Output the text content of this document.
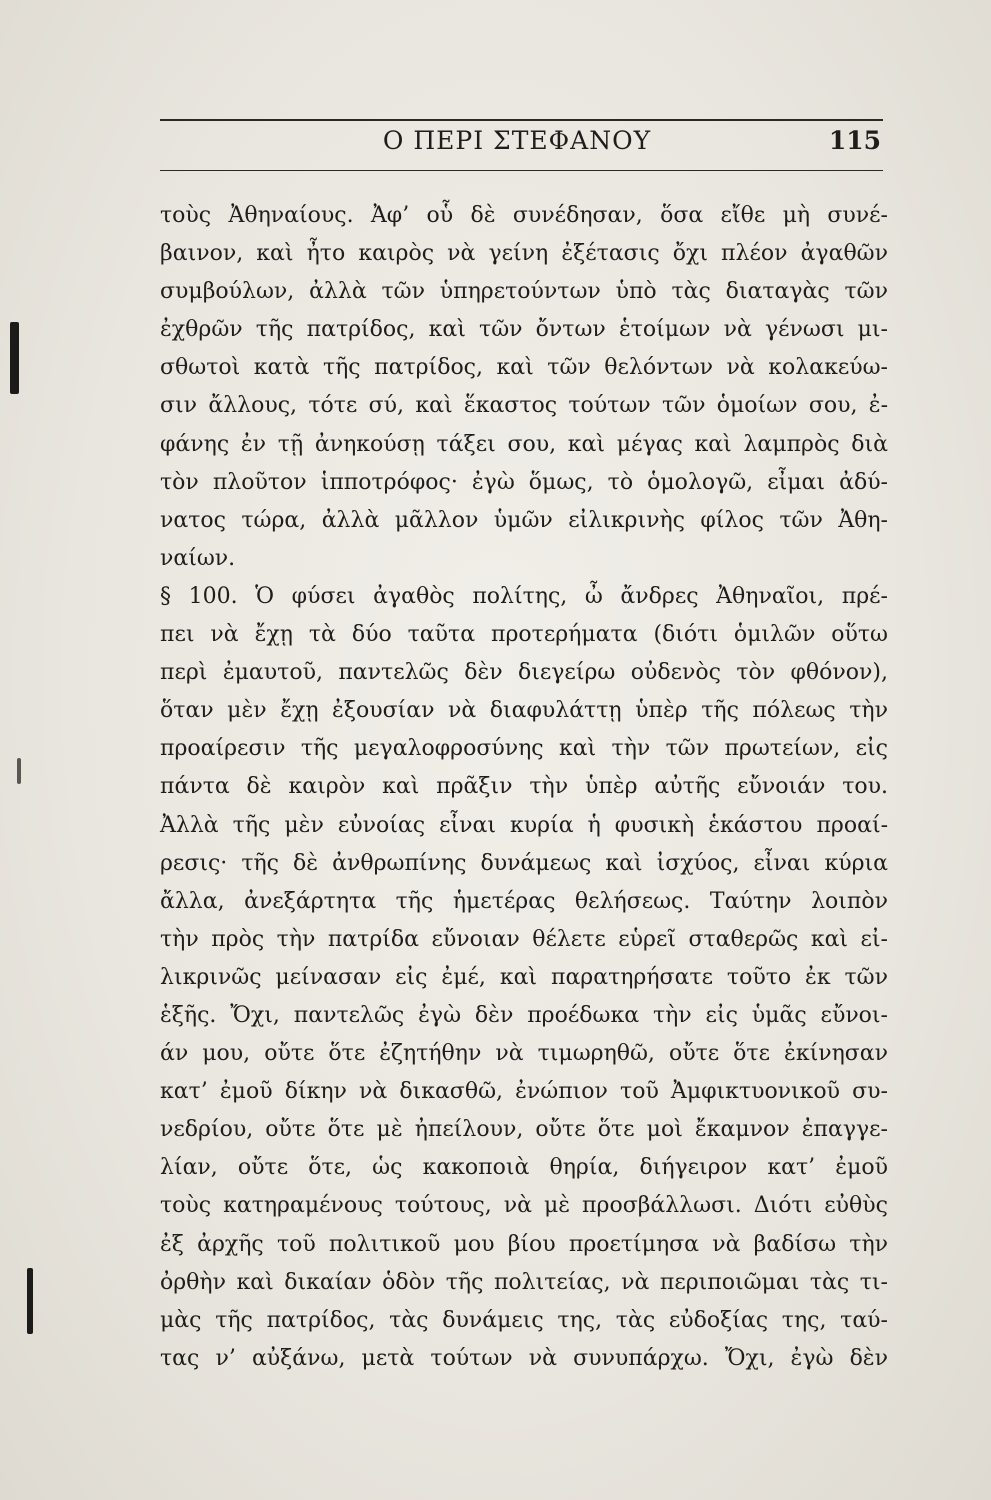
Ο ΠΕΡΙ ΣΤΕΦΑΝΟΥ	115
τοὺς Ἀθηναίους. Ἀφ’ οὗ δὲ συνέδησαν, ὅσα εἴθε μὴ συνέ-
βαινον, καὶ ἦτο καιρὸς νὰ γείνη ἐξέτασις ὄχι πλέον ἀγαθῶν
συμβούλων, ἀλλὰ τῶν ὑπηρετούντων ὑπὸ τὰς διαταγὰς τῶν
ἐχθρῶν τῆς πατρίδος, καὶ τῶν ὄντων ἑτοίμων νὰ γένωσι μι-
σθωτοὶ κατὰ τῆς πατρίδος, καὶ τῶν θελόντων νὰ κολακεύω-
σιν ἄλλους, τότε σύ, καὶ ἕκαστος τούτων τῶν ὁμοίων σου, ἐ-
φάνης ἐν τῇ ἀνηκούσῃ τάξει σου, καὶ μέγας καὶ λαμπρὸς διὰ
τὸν πλοῦτον ἱπποτρόφος· ἐγὼ ὅμως, τὸ ὁμολογῶ, εἶμαι ἀδύ-
νατος τώρα, ἀλλὰ μᾶλλον ὑμῶν εἰλικρινὴς φίλος τῶν Ἀθη-
ναίων.
§ 100. Ὁ φύσει ἀγαθὸς πολίτης, ὦ ἄνδρες Ἀθηναῖοι, πρέ-
πει νὰ ἔχῃ τὰ δύο ταῦτα προτερήματα (διότι ὁμιλῶν οὕτω
περὶ ἐμαυτοῦ, παντελῶς δὲν διεγείρω οὐδενὸς τὸν φθόνον),
ὅταν μὲν ἔχῃ ἐξουσίαν νὰ διαφυλάττῃ ὑπὲρ τῆς πόλεως τὴν
προαίρεσιν τῆς μεγαλοφροσύνης καὶ τὴν τῶν πρωτείων, εἰς
πάντα δὲ καιρὸν καὶ πρᾶξιν τὴν ὑπὲρ αὐτῆς εὔνοιάν του.
Ἀλλὰ τῆς μὲν εὐνοίας εἶναι κυρία ἡ φυσικὴ ἑκάστου προαί-
ρεσις· τῆς δὲ ἀνθρωπίνης δυνάμεως καὶ ἰσχύος, εἶναι κύρια
ἄλλα, ἀνεξάρτητα τῆς ἡμετέρας θελήσεως. Ταύτην λοιπὸν
τὴν πρὸς τὴν πατρίδα εὔνοιαν θέλετε εὑρεῖ σταθερῶς καὶ εἰ-
λικρινῶς μείνασαν εἰς ἐμέ, καὶ παρατηρήσατε τοῦτο ἐκ τῶν
ἑξῆς. Ὄχι, παντελῶς ἐγὼ δὲν προέδωκα τὴν εἰς ὑμᾶς εὔνοι-
άν μου, οὔτε ὅτε ἐζητήθην νὰ τιμωρηθῶ, οὔτε ὅτε ἐκίνησαν
κατ’ ἐμοῦ δίκην νὰ δικασθῶ, ἐνώπιον τοῦ Ἀμφικτυονικοῦ συ-
νεδρίου, οὔτε ὅτε μὲ ἠπείλουν, οὔτε ὅτε μοὶ ἔκαμνον ἐπαγγε-
λίαν, οὔτε ὅτε, ὡς κακοποιὰ θηρία, διήγειρον κατ’ ἐμοῦ
τοὺς κατηραμένους τούτους, νὰ μὲ προσβάλλωσι. Διότι εὐθὺς
ἐξ ἀρχῆς τοῦ πολιτικοῦ μου βίου προετίμησα νὰ βαδίσω τὴν
ὀρθὴν καὶ δικαίαν ὁδὸν τῆς πολιτείας, νὰ περιποιῶμαι τὰς τι-
μὰς τῆς πατρίδος, τὰς δυνάμεις της, τὰς εὐδοξίας της, ταύ-
τας ν’ αὐξάνω, μετὰ τούτων νὰ συνυπάρχω. Ὄχι, ἐγὼ δὲν
